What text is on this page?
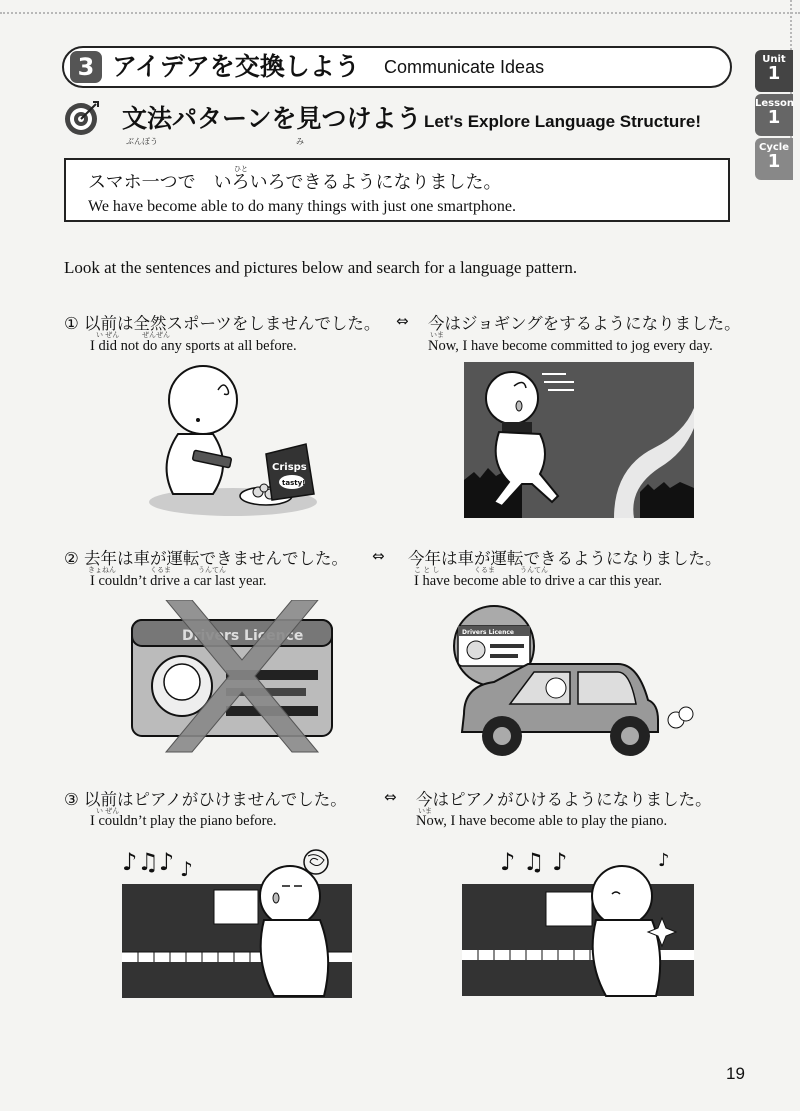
3 アイデアを交換しよう Communicate Ideas	Unit
1
Lesson
1
Cycle
1
文法パターンを見つけよう
ぶんぽう	み
Let's Explore Language Structure!
ひと
スマホ一つで　いろいろできるようになりました。
We have become able to do many things with just one smartphone.
Look at the sentences and pictures below and search for a language pattern.
① 以前は全然スポーツをしませんでした。
い ぜん	ぜんぜん
I did not do any sports at all before.
⇔ 今はジョギングをするようになりました。
いま
Now, I have become committed to jog every day.
Crisps
tasty!
② 去年は車が運転できませんでした。
きょねん	くるま	うんてん
I couldn’t drive a car last year.
⇔ 今年は車が運転できるようになりました。
こ と し	くるま	うんてん
I have become able to drive a car this year.
Drivers Licence	Drivers Licence
③ 以前はピアノがひけませんでした。
い ぜん
I couldn’t play the piano before.
⇔ 今はピアノがひけるようになりました。
いま
Now, I have become able to play the piano.
♪♫♪ ♪	♪ ♫ ♪	♪
19
